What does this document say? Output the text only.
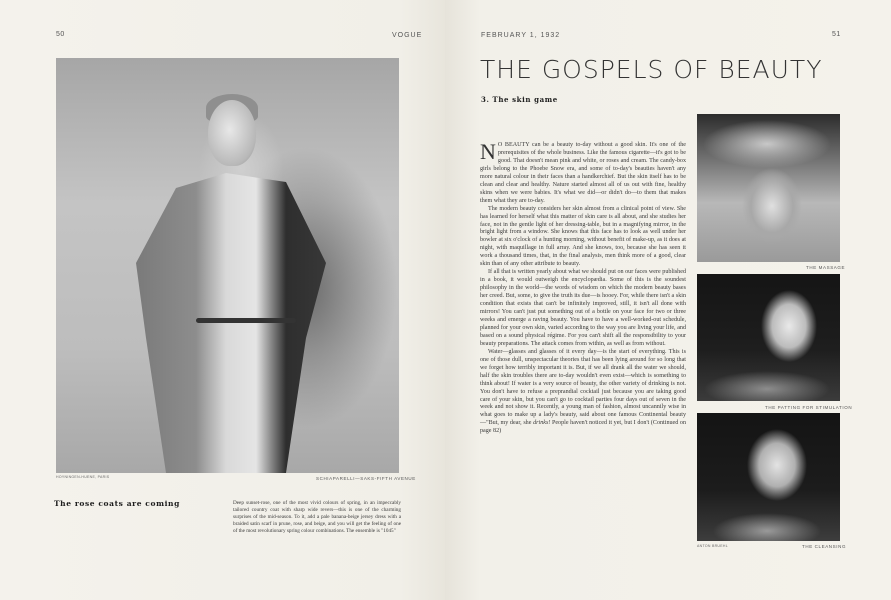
50	VOGUE
HOYNINGEN-HUENE, PARIS	SCHIAPARELLI—SAKS-FIFTH AVENUE
The rose coats are coming	Deep sunset-rose, one of the most vivid colours of spring, in an impeccably tailored country coat with sharp wide revers—this is one of the charming surprises of the mid-season. To it, add a pale banana-beige jersey dress with a braided satin scarf in prune, rose, and beige, and you will get the feeling of one of the most revolutionary spring colour combinations. The ensemble is "1045"
FEBRUARY 1, 1932	51
THE GOSPELS OF BEAUTY
3. The skin game

N O BEAUTY can be a beauty to-day without a good skin. It's one of the prerequisites of the whole business. Like the famous cigarette—it's got to be good. That doesn't mean pink and white, or roses and cream. The candy-box girls belong to the Phoebe Snow era, and some of to-day's beauties haven't any more natural colour in their faces than a handkerchief. But the skin itself has to be clean and clear and healthy. Nature started almost all of us out with fine, healthy skins when we were babies. It's what we did—or didn't do—to them that makes them what they are to-day.

The modern beauty considers her skin almost from a clinical point of view. She has learned for herself what this matter of skin care is all about, and she studies her face, not in the gentle light of her dressing-table, but in a magnifying mirror, in the bright light from a window. She knows that this face has to look as well under her bowler at six o'clock of a hunting morning, without benefit of make-up, as it does at night, with maquillage in full array. And she knows, too, because she has seen it work a thousand times, that, in the final analysis, men think more of a good, clear skin than of any other attribute to beauty.

If all that is written yearly about what we should put on our faces were published in a book, it would outweigh the encyclopædia. Some of this is the soundest philosophy in the world—the words of wisdom on which the modern beauty bases her creed. But, some, to give the truth its due—is hooey. For, while there isn't a skin condition that exists that can't be infinitely improved, still, it isn't all done with mirrors! You can't just put something out of a bottle on your face for two or three weeks and emerge a raving beauty. You have to have a well-worked-out schedule, planned for your own skin, varied according to the way you are living your life, and based on a sound physical régime. For you can't shift all the responsibility to your beauty preparations. The attack comes from within, as well as from without.

Water—glasses and glasses of it every day—is the start of everything. This is one of those dull, unspectacular theories that has been lying around for so long that we forget how terribly important it is. But, if we all drank all the water we should, half the skin troubles there are to-day wouldn't even exist—which is something to think about! If water is a very source of beauty, the other variety of drinking is not. You don't have to refuse a preprandial cocktail just because you are taking good care of your skin, but you can't go to cocktail parties four days out of seven in the week and not show it. Recently, a young man of fashion, almost uncannily wise in what goes to make up a lady's beauty, said about one famous Continental beauty—"But, my dear, she drinks! People haven't noticed it yet, but I don't (Continued on page 82)

THE MASSAGE
THE PATTING FOR STIMULATION
ANTON BRUEHL	THE CLEANSING
